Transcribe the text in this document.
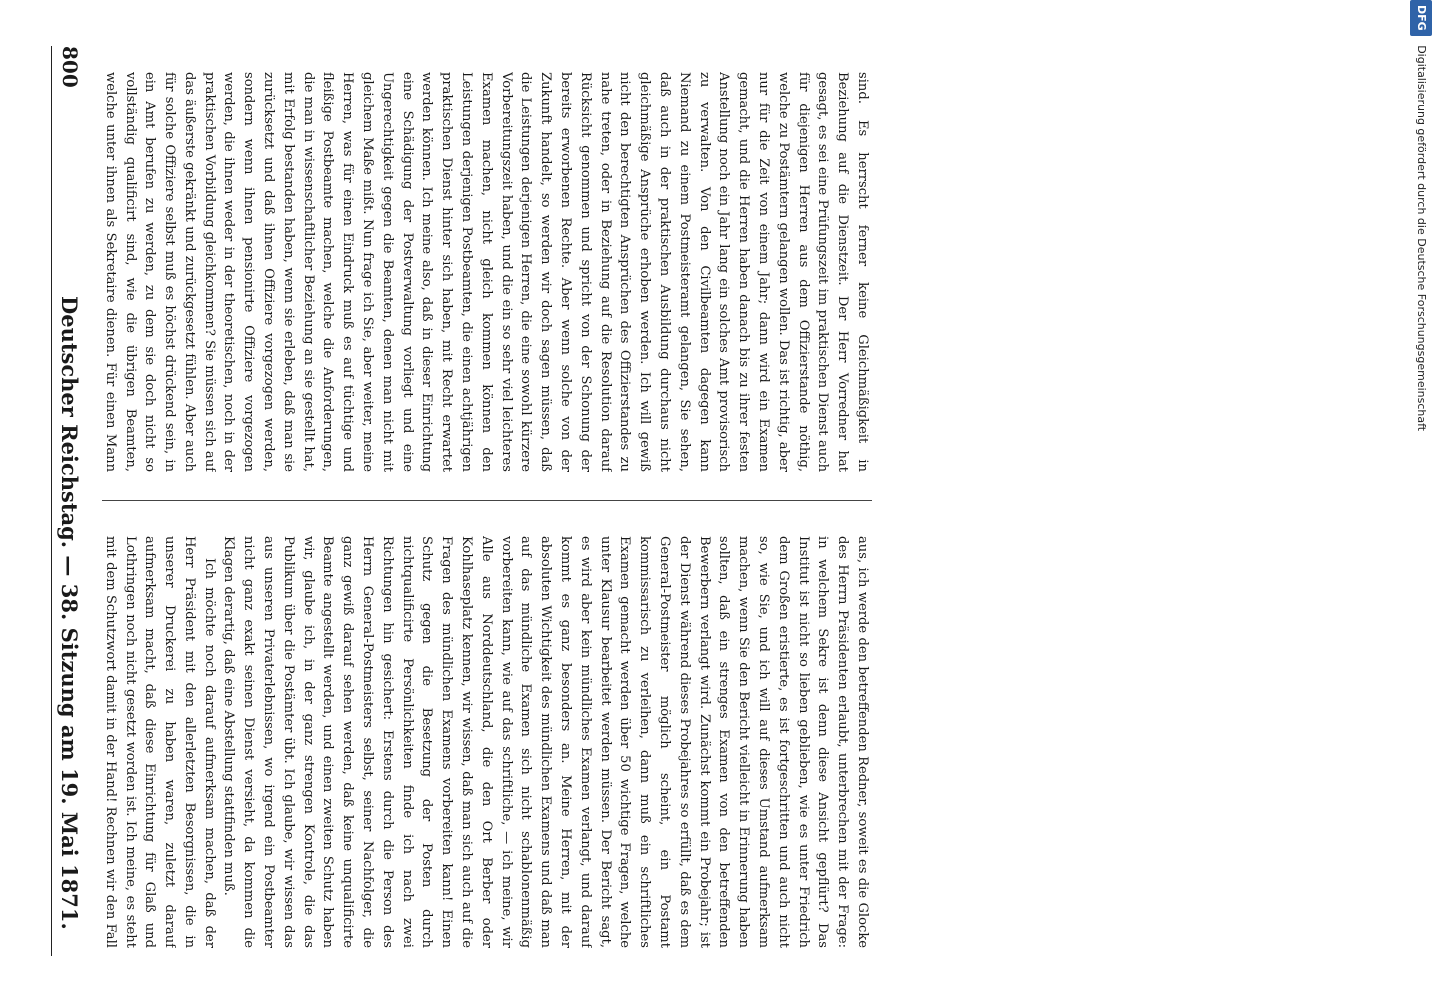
800
Deutscher Reichstag. — 38. Sitzung am 19. Mai 1871.	aus, ich werde den betreffenden Redner, soweit es die Glocke des Herrn Präsidenten erlaubt, unterbrechen mit der Frage: in welchem Sekre ist denn diese Ansicht gepflürt? Das Institut ist nicht so lieben geblieben, wie es unter Friedrich dem Großen eristierte, es ist fortgeschritten und auch nicht so, wie Sie, und ich will auf dieses Umstand aufmerksam machen, wenn Sie den Bericht vielleicht in Erinnerung haben sollten, daß ein strenges Examen von den betreffenden Bewerbern verlangt wird. Zunächst kommt ein Probejahr; ist der Dienst während dieses Probejahres so erfüllt, daß es dem General-Postmeister möglich scheint, ein Postamt kommissarisch zu verleihen, dann muß ein schriftliches Examen gemacht werden über 50 wichtige Fragen, welche unter Klausur bearbeitet werden müssen. Der Bericht sagt, es wird aber kein mündliches Examen verlangt, und darauf kommt es ganz besonders an. Meine Herren, mit der absoluten Wichtigkeit des mündlichen Examens und daß man auf das mündliche Examen sich nicht schablonenmäßig vorbereiten kann, wie auf das schriftliche, — ich meine, wir Alle aus Norddeutschland, die den Ort Berber oder Kohlhaseplatz kennen, wir wissen, daß man sich auch auf die Fragen des mündlichen Examens vorbereiten kann! Einen Schutz gegen die Besetzung der Posten durch nichtqualificirte Persönlichkeiten finde ich nach zwei Richtungen hin gesichert: Erstens durch die Person des Herrn General-Postmeisters selbst, seiner Nachfolger, die ganz gewiß darauf sehen werden, daß keine unqualificirte Beamte angestellt werden, und einen zweiten Schutz haben wir, glaube ich, in der ganz strengen Kontrole, die das Publikum über die Postämter übt. Ich glaube, wir wissen das aus unseren Privaterlebnissen, wo irgend ein Postbeamter nicht ganz exakt seinen Dienst versieht, da kommen die Klagen derartig, daß eine Abstellung stattfinden muß.

Ich möchte noch darauf aufmerksam machen, daß der Herr Präsident mit den allerletzten Besorgnissen, die in unserer Druckerei zu haben waren, zuletzt darauf aufmerksam macht, daß diese Einrichtung für Glaß und Lothringen noch nicht gesetzt worden ist. Ich meine, es steht mit dem Schutzwort damit in der Hand! Rechnen wir den Fall

sind. Es herrscht ferner keine Gleichmäßigkeit in Beziehung auf die Dienstzeit. Der Herr Vorredner hat gesagt, es sei eine Prüfungszeit im praktischen Dienst auch für diejenigen Herren aus dem Offizierstande nöthig, welche zu Postämtern gelangen wollen. Das ist richtig, aber nur für die Zeit von einem Jahr; dann wird ein Examen gemacht, und die Herren haben danach bis zu ihrer festen Anstellung noch ein Jahr lang ein solches Amt provisorisch zu verwalten. Von den Civilbeamten dagegen kann Niemand zu einem Postmeisteramt gelangen, Sie sehen, daß auch in der praktischen Ausbildung durchaus nicht gleichmäßige Ansprüche erhoben werden. Ich will gewiß nicht den berechtigten Ansprüchen des Offizierstandes zu nahe treten, oder in Beziehung auf die Resolution darauf Rücksicht genommen und spricht von der Schonung der bereits erworbenen Rechte. Aber wenn solche von der Zukunft handelt, so werden wir doch sagen müssen, daß die Leistungen derjenigen Herren, die eine sowohl kürzere Vorbereitungszeit haben, und die ein so sehr viel leichteres Examen machen, nicht gleich kommen können den Leistungen derjenigen Postbeamten, die einen achtjährigen praktischen Dienst hinter sich haben, mit Recht erwartet werden können. Ich meine also, daß in dieser Einrichtung eine Schädigung der Postverwaltung vorliegt und eine Ungerechtigkeit gegen die Beamten, denen man nicht mit gleichem Maße mißt. Nun frage ich Sie, aber weiter, meine Herren, was für einen Eindruck muß es auf tüchtige und fleißige Postbeamte machen, welche die Anforderungen, die man in wissenschaftlicher Beziehung an sie gestellt hat, mit Erfolg bestanden haben, wenn sie erleben, daß man sie zurücksetzt und daß ihnen Offiziere vorgezogen werden, sondern wenn ihnen pensionirte Offiziere vorgezogen werden, die ihnen weder in der theoretischen, noch in der praktischen Vorbildung gleichkommen? Sie müssen sich auf das äußerste gekränkt und zurückgesetzt fühlen. Aber auch für solche Offiziere selbst muß es höchst drückend sein, in ein Amt berufen zu werden, zu dem sie doch nicht so vollständig qualificirt sind, wie die übrigen Beamten, welche unter ihnen als Sekretaire dienen. Für einen Mann

DFG Digitalisierung gefördert durch die Deutsche Forschungsgemeinschaft
